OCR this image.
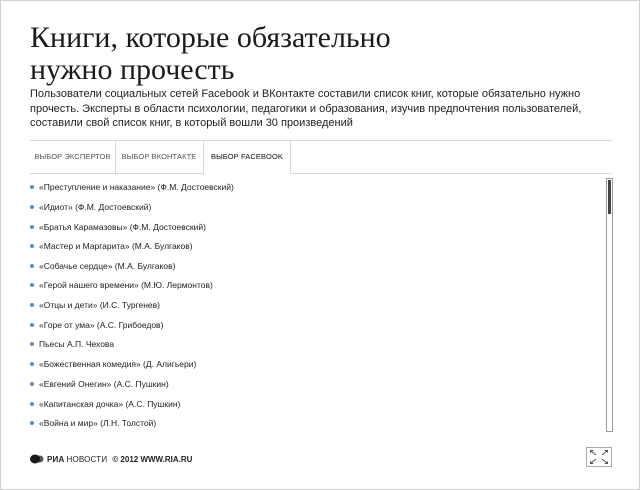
Книги, которые обязательно
нужно прочесть
Пользователи социальных сетей Facebook и ВКонтакте составили список книг, которые обязательно нужно прочесть. Эксперты в области психологии, педагогики и образования, изучив предпочтения пользователей, составили свой список книг, в который вошли 30 произведений
ВЫБОР ЭКСПЕРТОВ	ВЫБОР ВКОНТАКТЕ	ВЫБОР FACEBOOK
«Преступление и наказание» (Ф.М. Достоевский)
«Идиот» (Ф.М. Достоевский)
«Братья Карамазовы» (Ф.М. Достоевский)
«Мастер и Маргарита» (М.А. Булгаков)
«Собачье сердце» (М.А. Булгаков)
«Герой нашего времени» (М.Ю. Лермонтов)
«Отцы и дети» (И.С. Тургенев)
«Горе от ума» (А.С. Грибоедов)
Пьесы А.П. Чехова
«Божественная комедия» (Д. Алигьери)
«Евгений Онегин» (А.С. Пушкин)
«Капитанская дочка» (А.С. Пушкин)
«Война и мир» (Л.Н. Толстой)
РИА НОВОСТИ © 2012 WWW.RIA.RU
